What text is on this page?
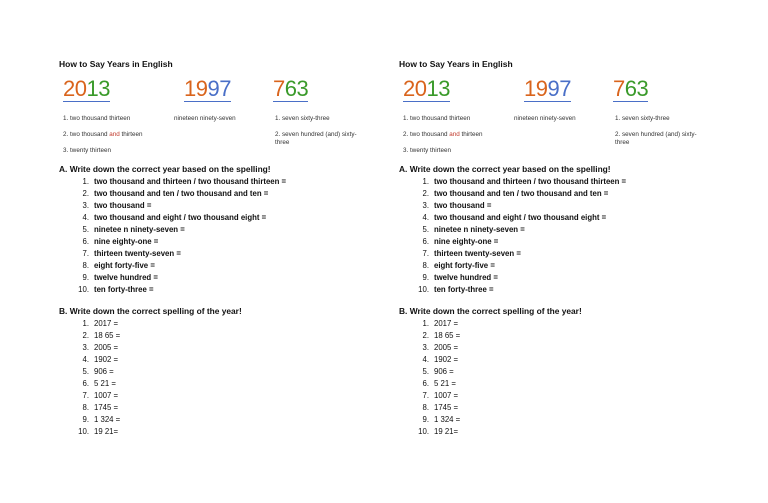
How to Say Years in English
2013	1997 763
1. two thousand thirteen
2. two thousand and thirteen
3. twenty thirteen
nineteen ninety-seven	1. seven sixty-three
2. seven hundred (and) sixty-three
A. Write down the correct year based on the spelling!
1. two thousand and thirteen / two thousand thirteen =
2. two thousand and ten / two thousand and ten =
3. two thousand =
4. two thousand and eight / two thousand eight =
5. ninetee n ninety-seven =
6. nine eighty-one =
7. thirteen twenty-seven =
8. eight forty-five =
9. twelve hundred =
10. ten forty-three =
B. Write down the correct spelling of the year!
1. 2017 =
2. 18 65 =
3. 2005 =
4. 1902 =
5. 906 =
6. 5 21 =
7. 1007 =
8. 1745 =
9. 1 324 =
10. 19 21=
How to Say Years in English
2013	1997 763
1. two thousand thirteen
2. two thousand and thirteen
3. twenty thirteen
nineteen ninety-seven	1. seven sixty-three
2. seven hundred (and) sixty-three
A. Write down the correct year based on the spelling!
1. two thousand and thirteen / two thousand thirteen =
2. two thousand and ten / two thousand and ten =
3. two thousand =
4. two thousand and eight / two thousand eight =
5. ninetee n ninety-seven =
6. nine eighty-one =
7. thirteen twenty-seven =
8. eight forty-five =
9. twelve hundred =
10. ten forty-three =
B. Write down the correct spelling of the year!
1. 2017 =
2. 18 65 =
3. 2005 =
4. 1902 =
5. 906 =
6. 5 21 =
7. 1007 =
8. 1745 =
9. 1 324 =
10. 19 21=
